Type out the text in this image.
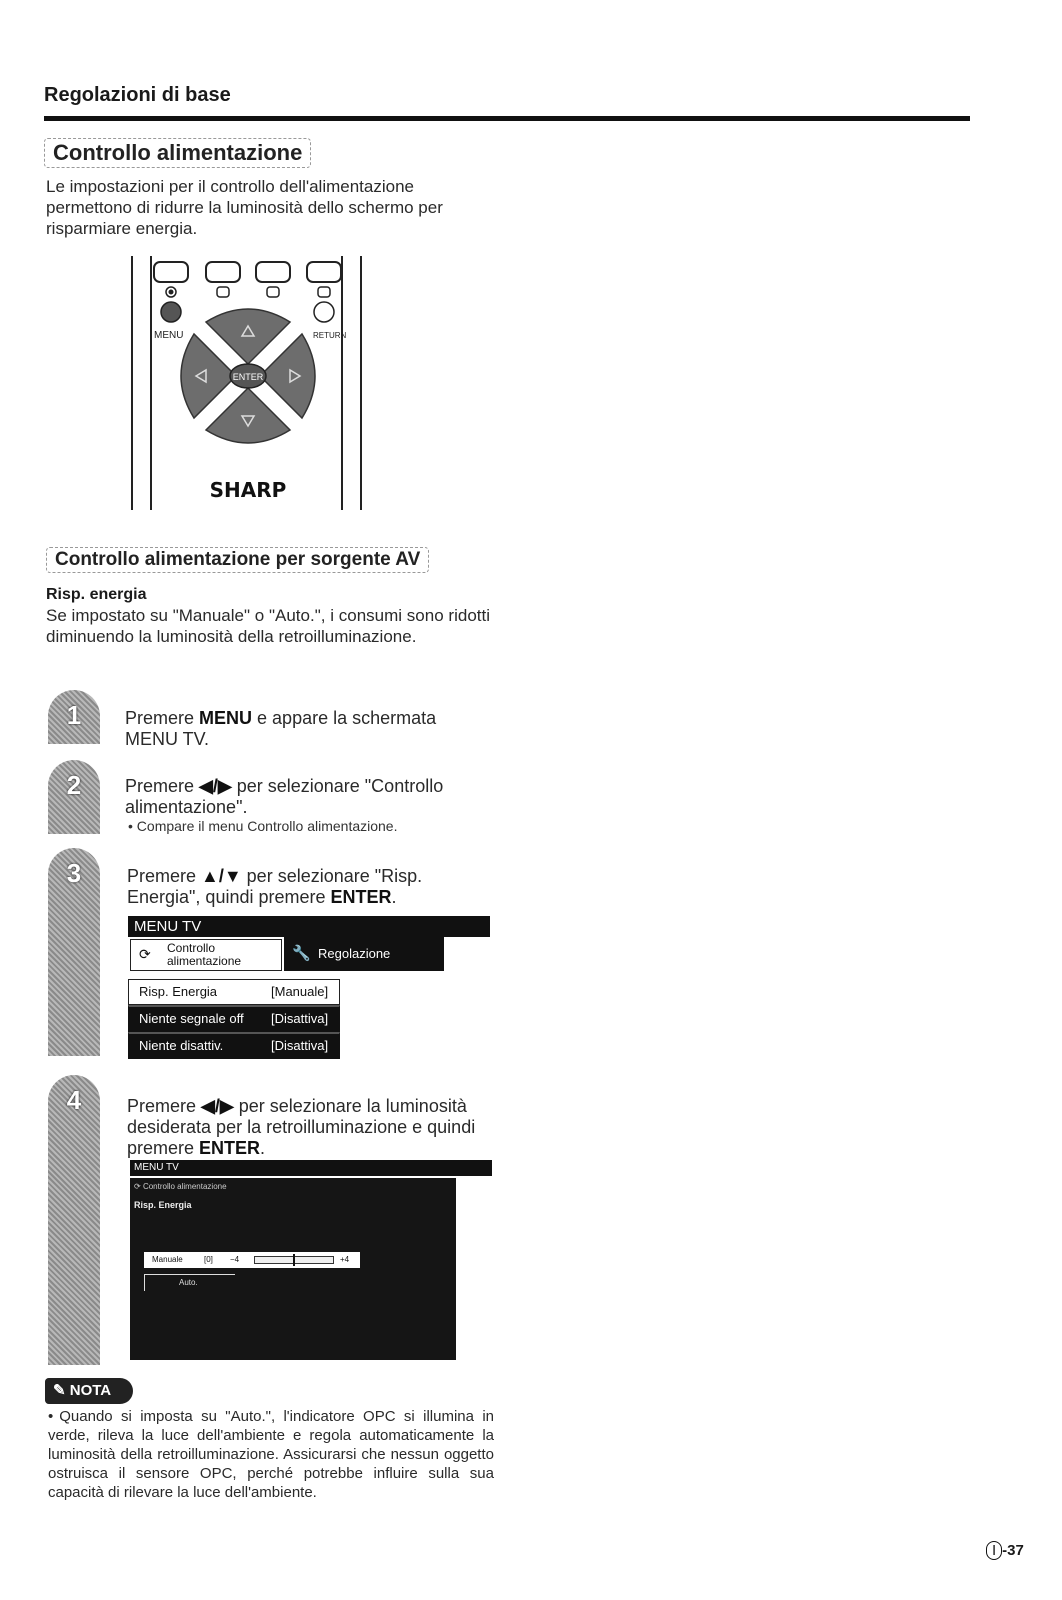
Regolazioni di base
Controllo alimentazione
Le impostazioni per il controllo dell'alimentazione permettono di ridurre la luminosità dello schermo per risparmiare energia.
MENU	RETURN
ENTER
SHARP
Controllo alimentazione per sorgente AV
Risp. energia
Se impostato su "Manuale" o "Auto.", i consumi sono ridotti diminuendo la luminosità della retroilluminazione.
1	Premere MENU e appare la schermata MENU TV.
2	Premere ◀/▶ per selezionare "Controllo alimentazione".
• Compare il menu Controllo alimentazione.
3	Premere ▲/▼ per selezionare "Risp. Energia", quindi premere ENTER.
MENU TV
⟳ Controllo
alimentazione	🔧 Regolazione
Risp. Energia	[Manuale]
Niente segnale off [Disattiva]
Niente disattiv.	[Disattiva]
4	Premere ◀/▶ per selezionare la luminosità desiderata per la retroilluminazione e quindi premere ENTER.
MENU TV
⟳ Controllo alimentazione
Risp. Energia
Manuale	[0] −4	+4
Auto.
✎ NOTA
• Quando si imposta su "Auto.", l'indicatore OPC si illumina in verde, rileva la luce dell'ambiente e regola automaticamente la luminosità della retroilluminazione. Assicurarsi che nessun oggetto ostruisca il sensore OPC, perché potrebbe influire sulla sua capacità di rilevare la luce dell'ambiente.
I -37
